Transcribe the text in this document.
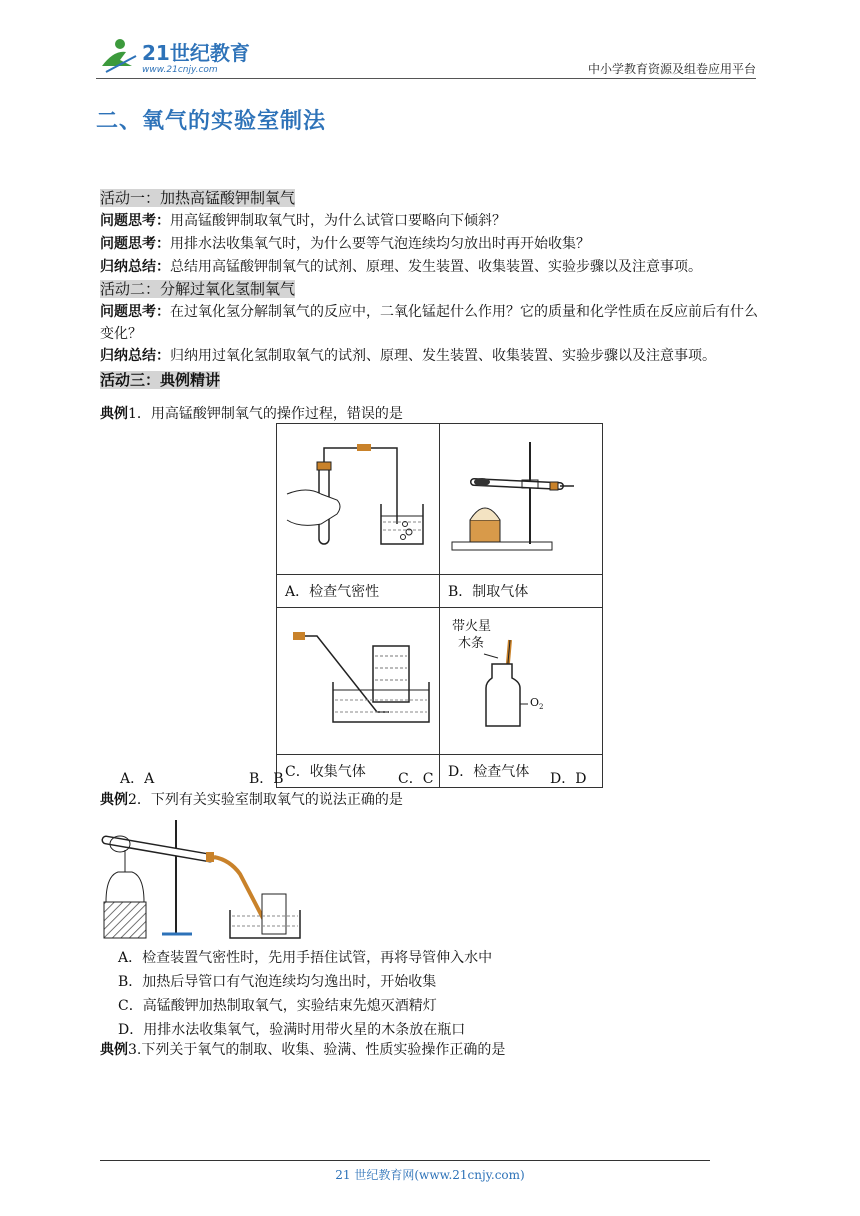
21世纪教育
www.21cnjy.com	中小学教育资源及组卷应用平台
二、氧气的实验室制法
活动一：加热高锰酸钾制氧气
问题思考：用高锰酸钾制取氧气时，为什么试管口要略向下倾斜？
问题思考：用排水法收集氧气时，为什么要等气泡连续均匀放出时再开始收集？
归纳总结：总结用高锰酸钾制氧气的试剂、原理、发生装置、收集装置、实验步骤以及注意事项。
活动二：分解过氧化氢制氧气
问题思考：在过氧化氢分解制氧气的反应中，二氧化锰起什么作用？它的质量和化学性质在反应前后有什么变化？
归纳总结：归纳用过氧化氢制取氧气的试剂、原理、发生装置、收集装置、实验步骤以及注意事项。
活动三：典例精讲
典例1．用高锰酸钾制氧气的操作过程，错误的是

A．检查气密性	B．制取气体

带火星
木条
$O_2$

C．收集气体	D．检查气体
A．A	B．B	C．C	D．D
典例2．下列有关实验室制取氧气的说法正确的是
A．检查装置气密性时，先用手捂住试管，再将导管伸入水中
B．加热后导管口有气泡连续均匀逸出时，开始收集
C．高锰酸钾加热制取氧气，实验结束先熄灭酒精灯
D．用排水法收集氧气，验满时用带火星的木条放在瓶口
典例3.下列关于氧气的制取、收集、验满、性质实验操作正确的是
21 世纪教育网(www.21cnjy.com)
